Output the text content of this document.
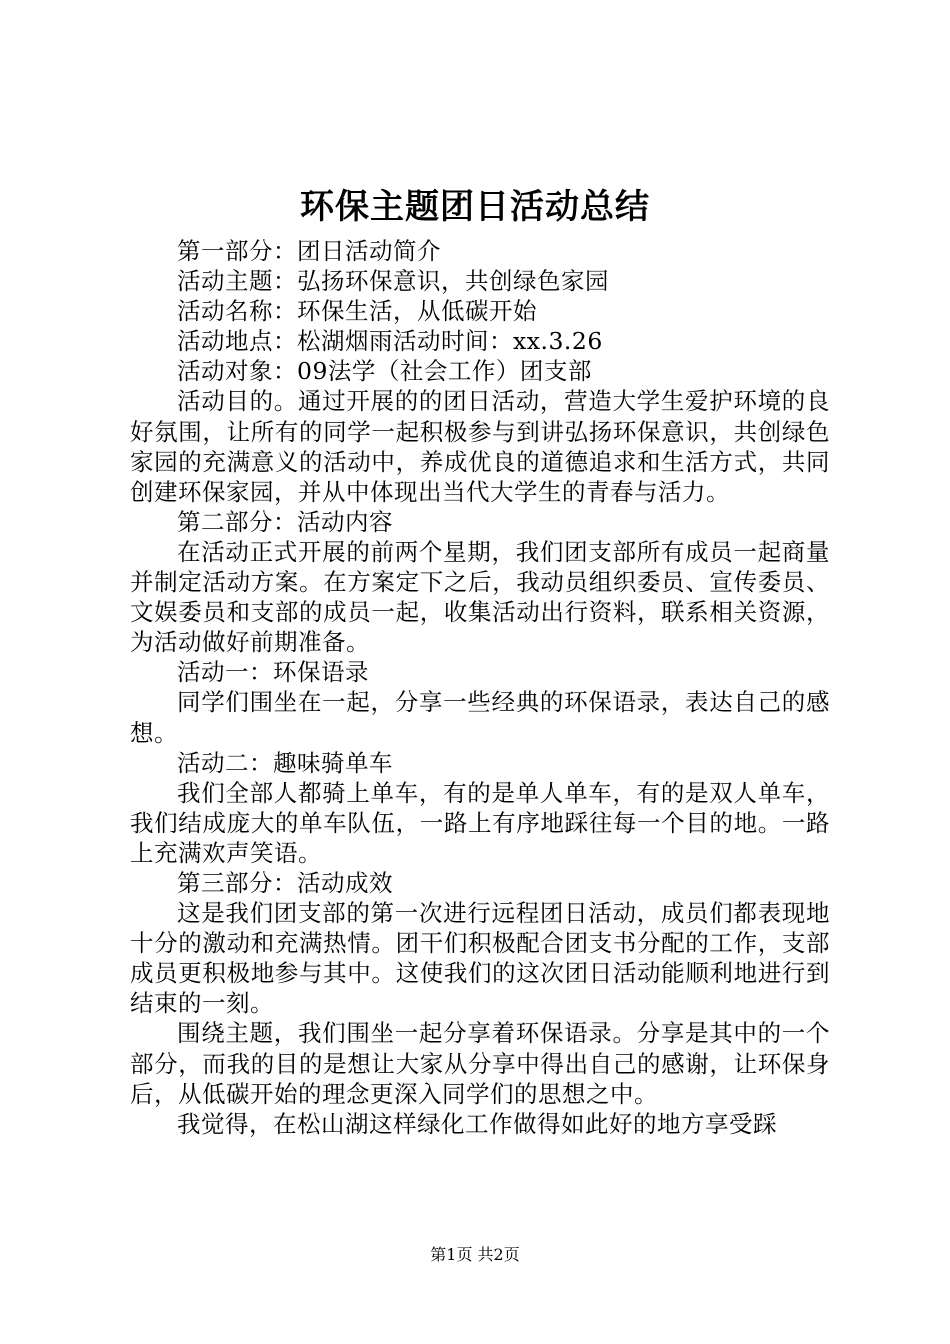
环保主题团日活动总结

第一部分：团日活动简介

活动主题：弘扬环保意识，共创绿色家园

活动名称：环保生活，从低碳开始

活动地点：松湖烟雨活动时间：xx.3.26

活动对象：09法学（社会工作）团支部

活动目的。通过开展的的团日活动，营造大学生爱护环境的良好氛围，让所有的同学一起积极参与到讲弘扬环保意识，共创绿色家园的充满意义的活动中，养成优良的道德追求和生活方式，共同创建环保家园，并从中体现出当代大学生的青春与活力。

第二部分：活动内容

在活动正式开展的前两个星期，我们团支部所有成员一起商量并制定活动方案。在方案定下之后，我动员组织委员、宣传委员、文娱委员和支部的成员一起，收集活动出行资料，联系相关资源，为活动做好前期准备。

活动一：环保语录

同学们围坐在一起，分享一些经典的环保语录，表达自己的感想。

活动二：趣味骑单车

我们全部人都骑上单车，有的是单人单车，有的是双人单车，我们结成庞大的单车队伍，一路上有序地踩往每一个目的地。一路上充满欢声笑语。

第三部分：活动成效

这是我们团支部的第一次进行远程团日活动，成员们都表现地十分的激动和充满热情。团干们积极配合团支书分配的工作，支部成员更积极地参与其中。这使我们的这次团日活动能顺利地进行到结束的一刻。

围绕主题，我们围坐一起分享着环保语录。分享是其中的一个部分，而我的目的是想让大家从分享中得出自己的感谢，让环保身后，从低碳开始的理念更深入同学们的思想之中。

我觉得，在松山湖这样绿化工作做得如此好的地方享受踩

第1页 共2页
